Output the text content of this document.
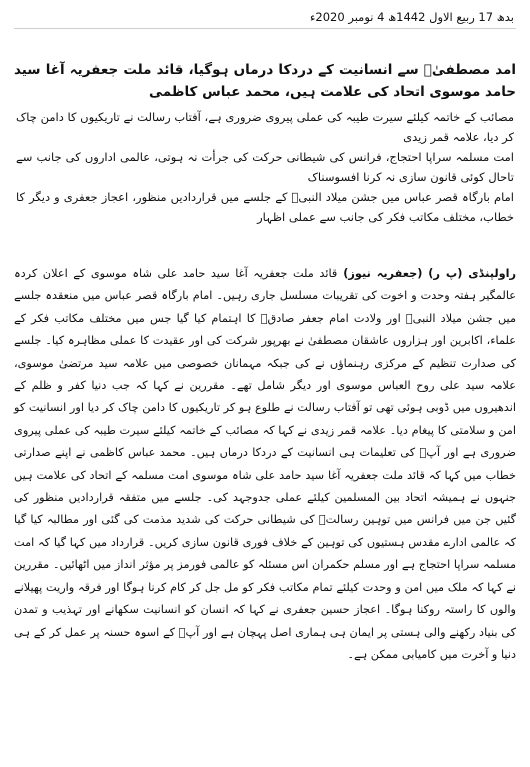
بدھ 17 ربیع الاول 1442ھ 4 نومبر 2020ء
امد مصطفیٰؐ سے انسانیت کے دردکا درماں ہوگیا، قائد ملت جعفریہ آغا سید حامد موسوی اتحاد کی علامت ہیں، محمد عباس کاظمی

مصائب کے خاتمہ کیلئے سیرت طیبہ کی عملی پیروی ضروری ہے، آفتاب رسالت نے تاریکیوں کا دامن چاک کر دیا، علامہ قمر زیدی

امت مسلمہ سراپا احتجاج، فرانس کی شیطانی حرکت کی جرأت نہ ہوتی، عالمی اداروں کی جانب سے تاحال کوئی قانون سازی نہ کرنا افسوسناک

امام بارگاہ قصر عباس میں جشن میلاد النبیؐ کے جلسے میں قراردادیں منظور، اعجاز جعفری و دیگر کا خطاب، مختلف مکاتب فکر کی جانب سے عملی اظہار

راولپنڈی (پ ر) (جعفریہ نیوز) قائد ملت جعفریہ آغا سید حامد علی شاہ موسوی کے اعلان کردہ عالمگیر ہفتہ وحدت و اخوت کی تقریبات مسلسل جاری رہیں۔ امام بارگاہ قصر عباس میں منعقدہ جلسے میں جشن میلاد النبیؐ اور ولادت امام جعفر صادقؑ کا اہتمام کیا گیا جس میں مختلف مکاتب فکر کے علماء، اکابرین اور ہزاروں عاشقان مصطفیٰ نے بھرپور شرکت کی اور عقیدت کا عملی مظاہرہ کیا۔ جلسے کی صدارت تنظیم کے مرکزی رہنماؤں نے کی جبکہ مہمانان خصوصی میں علامہ سید مرتضیٰ موسوی، علامہ سید علی روح العباس موسوی اور دیگر شامل تھے۔ مقررین نے کہا کہ جب دنیا کفر و ظلم کے اندھیروں میں ڈوبی ہوئی تھی تو آفتاب رسالت نے طلوع ہو کر تاریکیوں کا دامن چاک کر دیا اور انسانیت کو امن و سلامتی کا پیغام دیا۔ علامہ قمر زیدی نے کہا کہ مصائب کے خاتمہ کیلئے سیرت طیبہ کی عملی پیروی ضروری ہے اور آپؐ کی تعلیمات ہی انسانیت کے دردکا درماں ہیں۔ محمد عباس کاظمی نے اپنے صدارتی خطاب میں کہا کہ قائد ملت جعفریہ آغا سید حامد علی شاہ موسوی امت مسلمہ کے اتحاد کی علامت ہیں جنہوں نے ہمیشہ اتحاد بین المسلمین کیلئے عملی جدوجہد کی۔ جلسے میں متفقہ قراردادیں منظور کی گئیں جن میں فرانس میں توہین رسالتؐ کی شیطانی حرکت کی شدید مذمت کی گئی اور مطالبہ کیا گیا کہ عالمی ادارے مقدس ہستیوں کی توہین کے خلاف فوری قانون سازی کریں۔ قرارداد میں کہا گیا کہ امت مسلمہ سراپا احتجاج ہے اور مسلم حکمران اس مسئلہ کو عالمی فورمز پر مؤثر انداز میں اٹھائیں۔ مقررین نے کہا کہ ملک میں امن و وحدت کیلئے تمام مکاتب فکر کو مل جل کر کام کرنا ہوگا اور فرقہ واریت پھیلانے والوں کا راستہ روکنا ہوگا۔ اعجاز حسین جعفری نے کہا کہ انسان کو انسانیت سکھانے اور تہذیب و تمدن کی بنیاد رکھنے والی ہستی پر ایمان ہی ہماری اصل پہچان ہے اور آپؐ کے اسوہ حسنہ پر عمل کر کے ہی دنیا و آخرت میں کامیابی ممکن ہے۔
